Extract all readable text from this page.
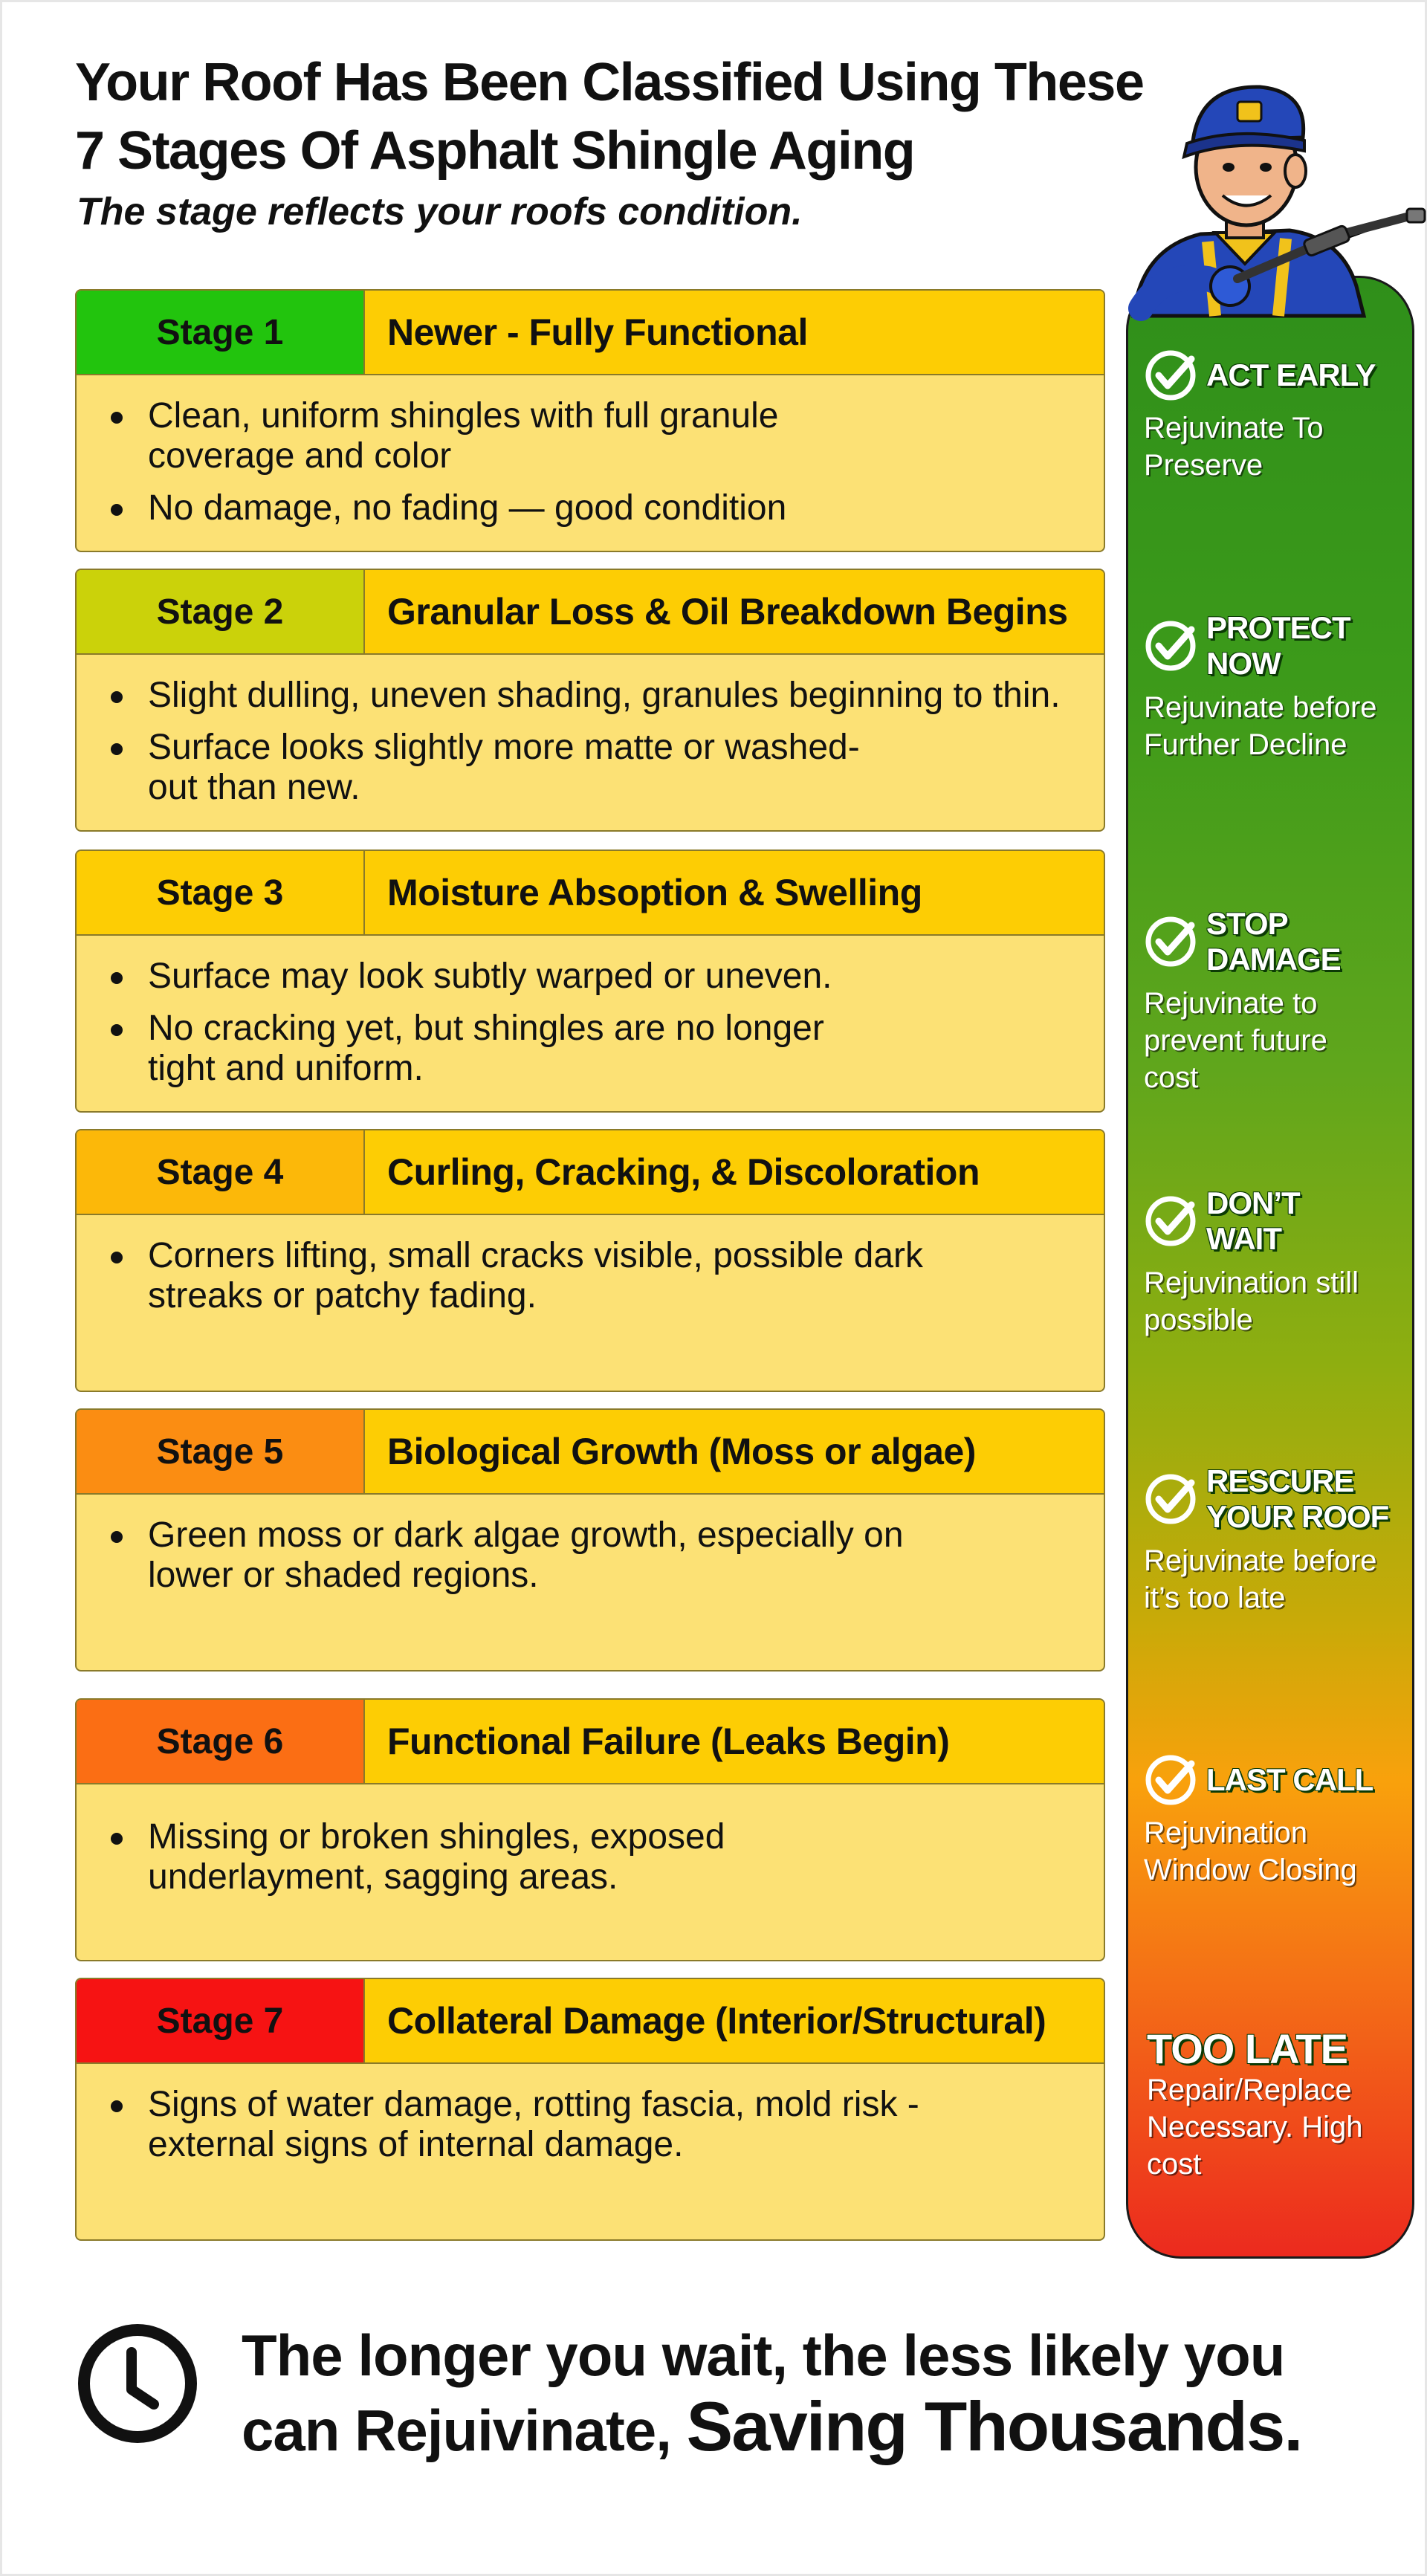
Your Roof Has Been Classified Using These
7 Stages Of Asphalt Shingle Aging

The stage reflects your roofs condition.

Stage 1	Newer - Fully Functional
Clean, uniform shingles with full granule coverage and color
No damage, no fading — good condition
Stage 2	Granular Loss & Oil Breakdown Begins
Slight dulling, uneven shading, granules beginning to thin.
Surface looks slightly more matte or washed-out than new.
Stage 3	Moisture Absoption & Swelling
Surface may look subtly warped or uneven.
No cracking yet, but shingles are no longer tight and uniform.
Stage 4	Curling, Cracking, & Discoloration
Corners lifting, small cracks visible, possible dark streaks or patchy fading.
Stage 5	Biological Growth (Moss or algae)
Green moss or dark algae growth, especially on lower or shaded regions.
Stage 6	Functional Failure (Leaks Begin)
Missing or broken shingles, exposed underlayment, sagging areas.
Stage 7	Collateral Damage (Interior/Structural)
Signs of water damage, rotting fascia, mold risk - external signs of internal damage.
ACT EARLY
Rejuvinate To Preserve
PROTECT NOW
Rejuvinate before Further Decline
STOP DAMAGE
Rejuvinate to prevent future cost
DON’T WAIT
Rejuvination still possible
RESCURE YOUR ROOF
Rejuvinate before it’s too late
LAST CALL
Rejuvination Window Closing
TOO LATE
Repair/Replace Necessary. High cost
The longer you wait, the less likely you
can Rejuivinate, Saving Thousands.
